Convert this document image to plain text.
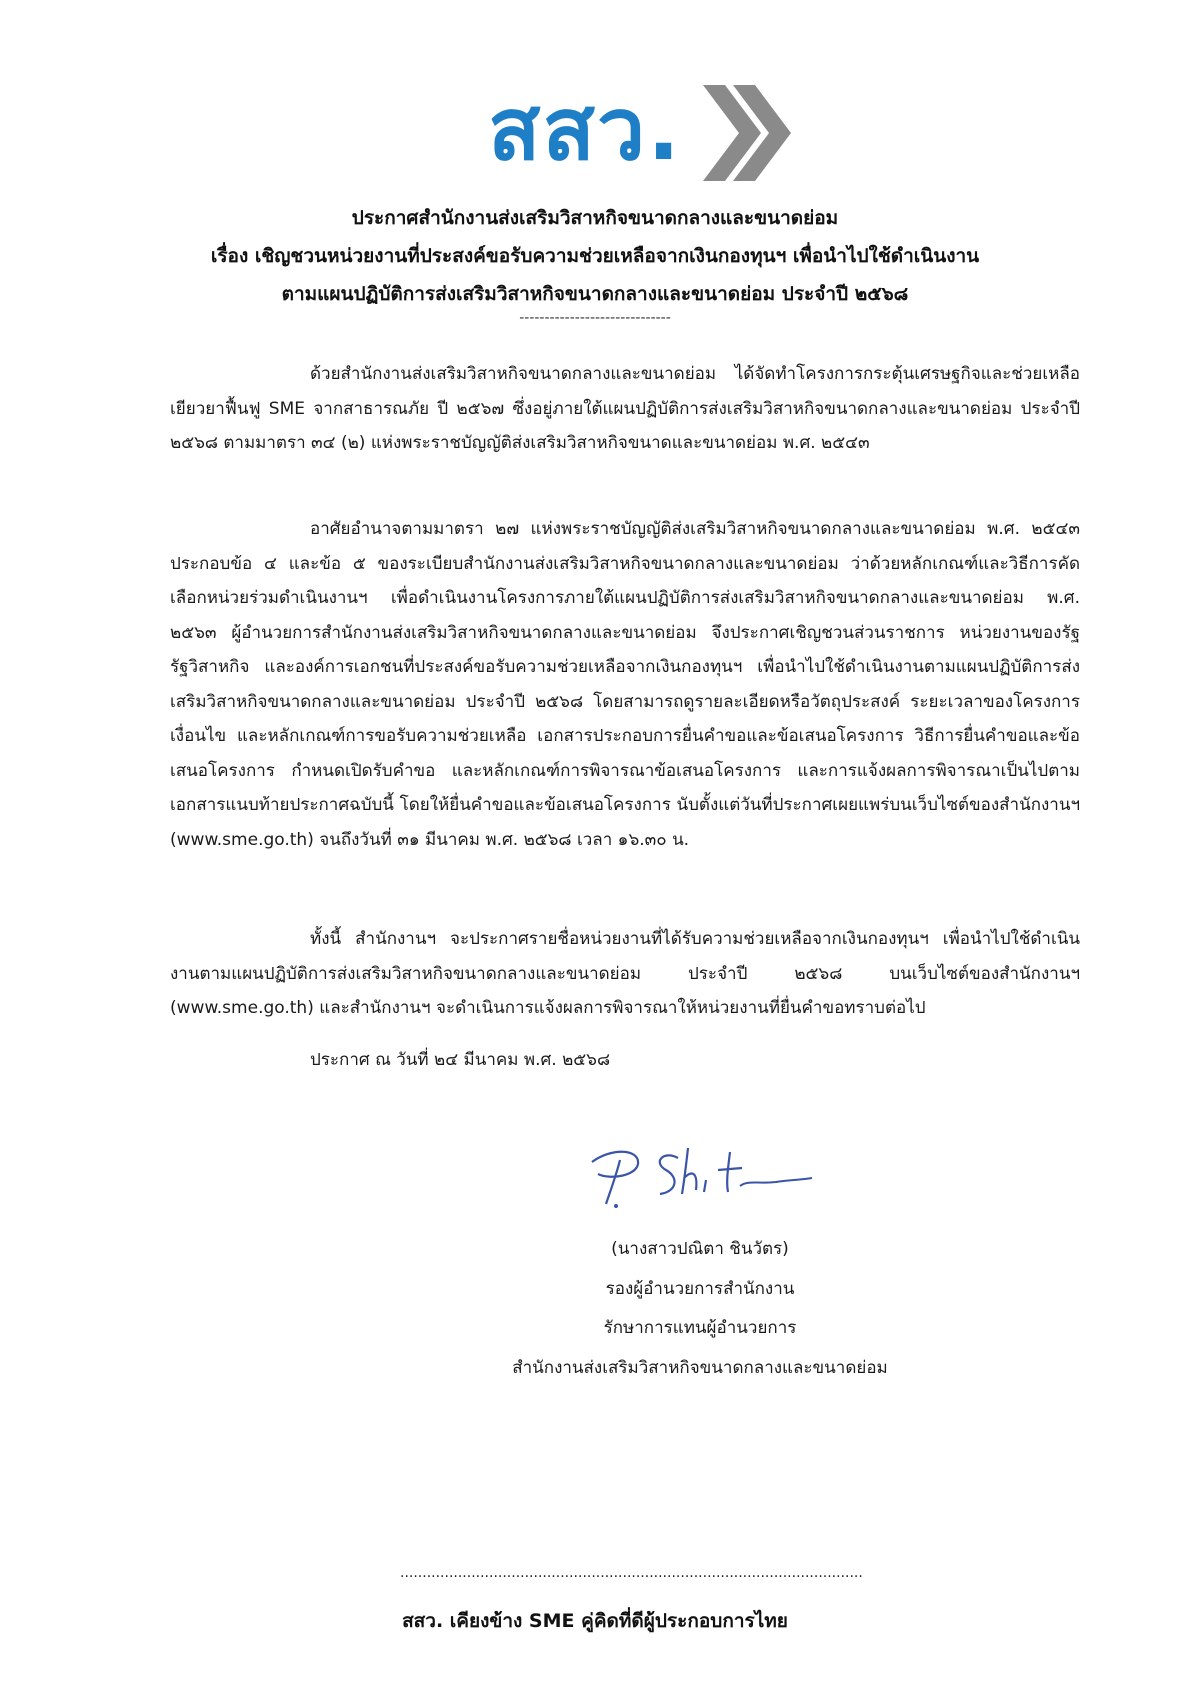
สสว.
ประกาศสำนักงานส่งเสริมวิสาหกิจขนาดกลางและขนาดย่อม
เรื่อง เชิญชวนหน่วยงานที่ประสงค์ขอรับความช่วยเหลือจากเงินกองทุนฯ เพื่อนำไปใช้ดำเนินงาน
ตามแผนปฏิบัติการส่งเสริมวิสาหกิจขนาดกลางและขนาดย่อม ประจำปี ๒๕๖๘
------------------------------

ด้วยสำนักงานส่งเสริมวิสาหกิจขนาดกลางและขนาดย่อม ได้จัดทำโครงการกระตุ้นเศรษฐกิจและช่วยเหลือเยียวยาฟื้นฟู SME จากสาธารณภัย ปี ๒๕๖๗ ซึ่งอยู่ภายใต้แผนปฏิบัติการส่งเสริมวิสาหกิจขนาดกลางและขนาดย่อม ประจำปี ๒๕๖๘ ตามมาตรา ๓๔ (๒) แห่งพระราชบัญญัติส่งเสริมวิสาหกิจขนาดและขนาดย่อม พ.ศ. ๒๕๔๓

อาศัยอำนาจตามมาตรา ๒๗ แห่งพระราชบัญญัติส่งเสริมวิสาหกิจขนาดกลางและขนาดย่อม พ.ศ. ๒๕๔๓ ประกอบข้อ ๔ และข้อ ๕ ของระเบียบสำนักงานส่งเสริมวิสาหกิจขนาดกลางและขนาดย่อม ว่าด้วยหลักเกณฑ์และวิธีการคัดเลือกหน่วยร่วมดำเนินงานฯ เพื่อดำเนินงานโครงการภายใต้แผนปฏิบัติการส่งเสริมวิสาหกิจขนาดกลางและขนาดย่อม พ.ศ. ๒๕๖๓ ผู้อำนวยการสำนักงานส่งเสริมวิสาหกิจขนาดกลางและขนาดย่อม จึงประกาศเชิญชวนส่วนราชการ หน่วยงานของรัฐ รัฐวิสาหกิจ และองค์การเอกชนที่ประสงค์ขอรับความช่วยเหลือจากเงินกองทุนฯ เพื่อนำไปใช้ดำเนินงานตามแผนปฏิบัติการส่งเสริมวิสาหกิจขนาดกลางและขนาดย่อม ประจำปี ๒๕๖๘ โดยสามารถดูรายละเอียดหรือวัตถุประสงค์ ระยะเวลาของโครงการ เงื่อนไข และหลักเกณฑ์การขอรับความช่วยเหลือ เอกสารประกอบการยื่นคำขอและข้อเสนอโครงการ วิธีการยื่นคำขอและข้อเสนอโครงการ กำหนดเปิดรับคำขอ และหลักเกณฑ์การพิจารณาข้อเสนอโครงการ และการแจ้งผลการพิจารณาเป็นไปตามเอกสารแนบท้ายประกาศฉบับนี้ โดยให้ยื่นคำขอและข้อเสนอโครงการ นับตั้งแต่วันที่ประกาศเผยแพร่บนเว็บไซต์ของสำนักงานฯ (www.sme.go.th) จนถึงวันที่ ๓๑ มีนาคม พ.ศ. ๒๕๖๘ เวลา ๑๖.๓๐ น.

ทั้งนี้ สำนักงานฯ จะประกาศรายชื่อหน่วยงานที่ได้รับความช่วยเหลือจากเงินกองทุนฯ เพื่อนำไปใช้ดำเนินงานตามแผนปฏิบัติการส่งเสริมวิสาหกิจขนาดกลางและขนาดย่อม ประจำปี ๒๕๖๘ บนเว็บไซต์ของสำนักงานฯ (www.sme.go.th) และสำนักงานฯ จะดำเนินการแจ้งผลการพิจารณาให้หน่วยงานที่ยื่นคำขอทราบต่อไป

ประกาศ ณ วันที่ ๒๔ มีนาคม พ.ศ. ๒๕๖๘
(นางสาวปณิตา ชินวัตร)
รองผู้อำนวยการสำนักงาน
รักษาการแทนผู้อำนวยการ
สำนักงานส่งเสริมวิสาหกิจขนาดกลางและขนาดย่อม
........................................................................................................
สสว. เคียงข้าง SME คู่คิดที่ดีผู้ประกอบการไทย
